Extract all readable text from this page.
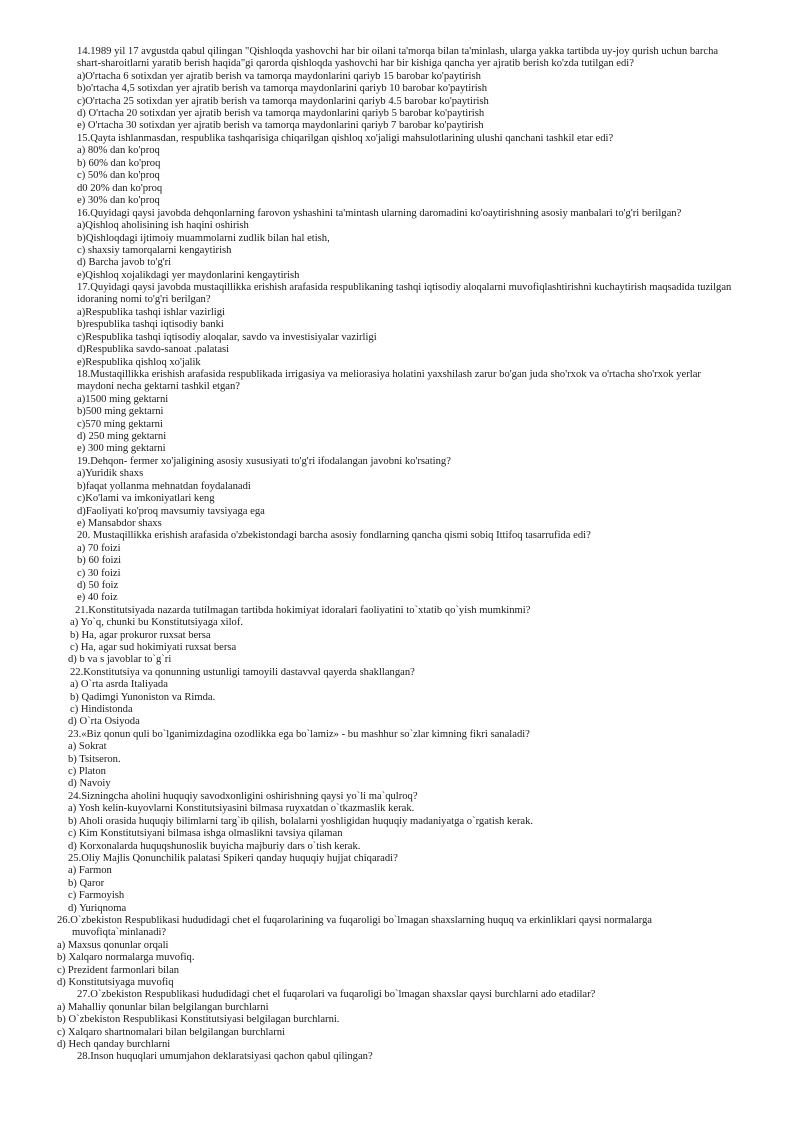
14.1989 yil 17 avgustda qabul qilingan "Qishloqda yashovchi har bir oilani ta'morqa bilan ta'minlash, ularga yakka tartibda uy-joy qurish uchun barcha
shart-sharoitlarni yaratib berish haqida"gi qarorda qishloqda yashovchi har bir kishiga qancha yer ajratib berish ko'zda tutilgan edi?
a)O'rtacha 6 sotixdan yer ajratib berish va tamorqa maydonlarini qariyb 15 barobar ko'paytirish
b)o'rtacha 4,5 sotixdan yer ajratib berish va tamorqa maydonlarini qariyb 10 barobar ko'paytirish
c)O'rtacha 25 sotixdan yer ajratib berish va tamorqa maydonlarini qariyb 4.5 barobar ko'paytirish
d) O'rtacha 20 sotixdan yer ajratib berish va tamorqa maydonlarini qariyb 5 barobar ko'paytirish
e) O'rtacha 30 sotixdan yer ajratib berish va tamorqa maydonlarini qariyb 7 barobar ko'paytirish
15.Qayta ishlanmasdan, respublika tashqarisiga chiqarilgan qishloq xo'jaligi mahsulotlarining ulushi qanchani tashkil etar edi?
a) 80% dan ko'proq
b) 60% dan ko'proq
c) 50% dan ko'proq
d0 20% dan ko'proq
e) 30% dan ko'proq
16.Quyidagi qaysi javobda dehqonlarning farovon yshashini ta'mintash ularning daromadini ko'oaytirishning asosiy manbalari to'g'ri berilgan?
a)Qishloq aholisining ish haqini oshirish
b)Qishloqdagi ijtimoiy muammolarni zudlik bilan hal etish,
c) shaxsiy tamorqalarni kengaytirish
d) Barcha javob to'g'ri
e)Qishloq xojalikdagi yer maydonlarini kengaytirish
17.Quyidagi qaysi javobda mustaqillikka erishish arafasida respublikaning tashqi iqtisodiy aloqalarni muvofiqlashtirishni kuchaytirish maqsadida tuzilgan
idoraning nomi to'g'ri berilgan?
a)Respublika tashqi ishlar vazirligi
b)respublika tashqi iqtisodiy banki
c)Respublika tashqi iqtisodiy aloqalar, savdo va investisiyalar vazirligi
d)Respublika savdo-sanoat .palatasi
e)Respublika qishloq xo'jalik
18.Mustaqillikka erishish arafasida respublikada irrigasiya va meliorasiya holatini yaxshilash zarur bo'gan juda sho'rxok va o'rtacha sho'rxok yerlar
maydoni necha gektarni tashkil etgan?
a)1500 ming gektarni
b)500 ming gektarni
c)570 ming gektarni
d) 250 ming gektarni
e) 300 ming gektarni
19.Dehqon- fermer xo'jaligining asosiy xususiyati to'g'ri ifodalangan javobni ko'rsating?
a)Yuridik shaxs
b)faqat yollanma mehnatdan foydalanadi
c)Ko'lami va imkoniyatlari keng
d)Faoliyati ko'proq mavsumiy tavsiyaga ega
e) Mansabdor shaxs
20. Mustaqillikka erishish arafasida o'zbekistondagi barcha asosiy fondlarning qancha qismi sobiq Ittifoq tasarrufida edi?
a) 70 foizi
b) 60 foizi
c) 30 foizi
d) 50 foiz
e) 40 foiz
21.Konstitutsiyada nazarda tutilmagan tartibda hokimiyat idoralari faoliyatini to`xtatib qo`yish mumkinmi?
a) Yo`q, chunki bu Konstitutsiyaga xilof.
b) Ha, agar prokuror ruxsat bersa
c) Ha, agar sud hokimiyati ruxsat bersa
d) b va s javoblar to`g`ri
22.Konstitutsiya va qonunning ustunligi tamoyili dastavval qayerda shakllangan?
a) O`rta asrda Italiyada
b) Qadimgi Yunoniston va Rimda.
c) Hindistonda
d) O`rta Osiyoda
23.«Biz qonun quli bo`lganimizdagina ozodlikka ega bo`lamiz» - bu mashhur so`zlar kimning fikri sanaladi?
a) Sokrat
b) Tsitseron.
c) Platon
d) Navoiy
24.Sizningcha aholini huquqiy savodxonligini oshirishning qaysi yo`li ma`qulroq?
a) Yosh kelin-kuyovlarni Konstitutsiyasini bilmasa ruyxatdan o`tkazmaslik kerak.
b) Aholi orasida huquqiy bilimlarni targ`ib qilish, bolalarni yoshligidan huquqiy madaniyatga o`rgatish kerak.
c) Kim Konstitutsiyani bilmasa ishga olmaslikni tavsiya qilaman
d) Korxonalarda huquqshunoslik buyicha majburiy dars o`tish kerak.
25.Oliy Majlis Qonunchilik palatasi Spikeri qanday huquqiy hujjat chiqaradi?
a) Farmon
b) Qaror
c) Farmoyish
d) Yuriqnoma
26.O`zbekiston Respublikasi hududidagi chet el fuqarolarining va fuqaroligi bo`lmagan shaxslarning huquq va erkinliklari qaysi normalarga
muvofiqta`minlanadi?
a) Maxsus qonunlar orqali
b) Xalqaro normalarga muvofiq.
c) Prezident farmonlari bilan
d) Konstitutsiyaga muvofiq
27.O`zbekiston Respublikasi hududidagi chet el fuqarolari va fuqaroligi bo`lmagan shaxslar qaysi burchlarni ado etadilar?
a) Mahalliy qonunlar bilan belgilangan burchlarni
b) O`zbekiston Respublikasi Konstitutsiyasi belgilagan burchlarni.
c) Xalqaro shartnomalari bilan belgilangan burchlarni
d) Hech qanday burchlarni
28.Inson huquqlari umumjahon deklaratsiyasi qachon qabul qilingan?
